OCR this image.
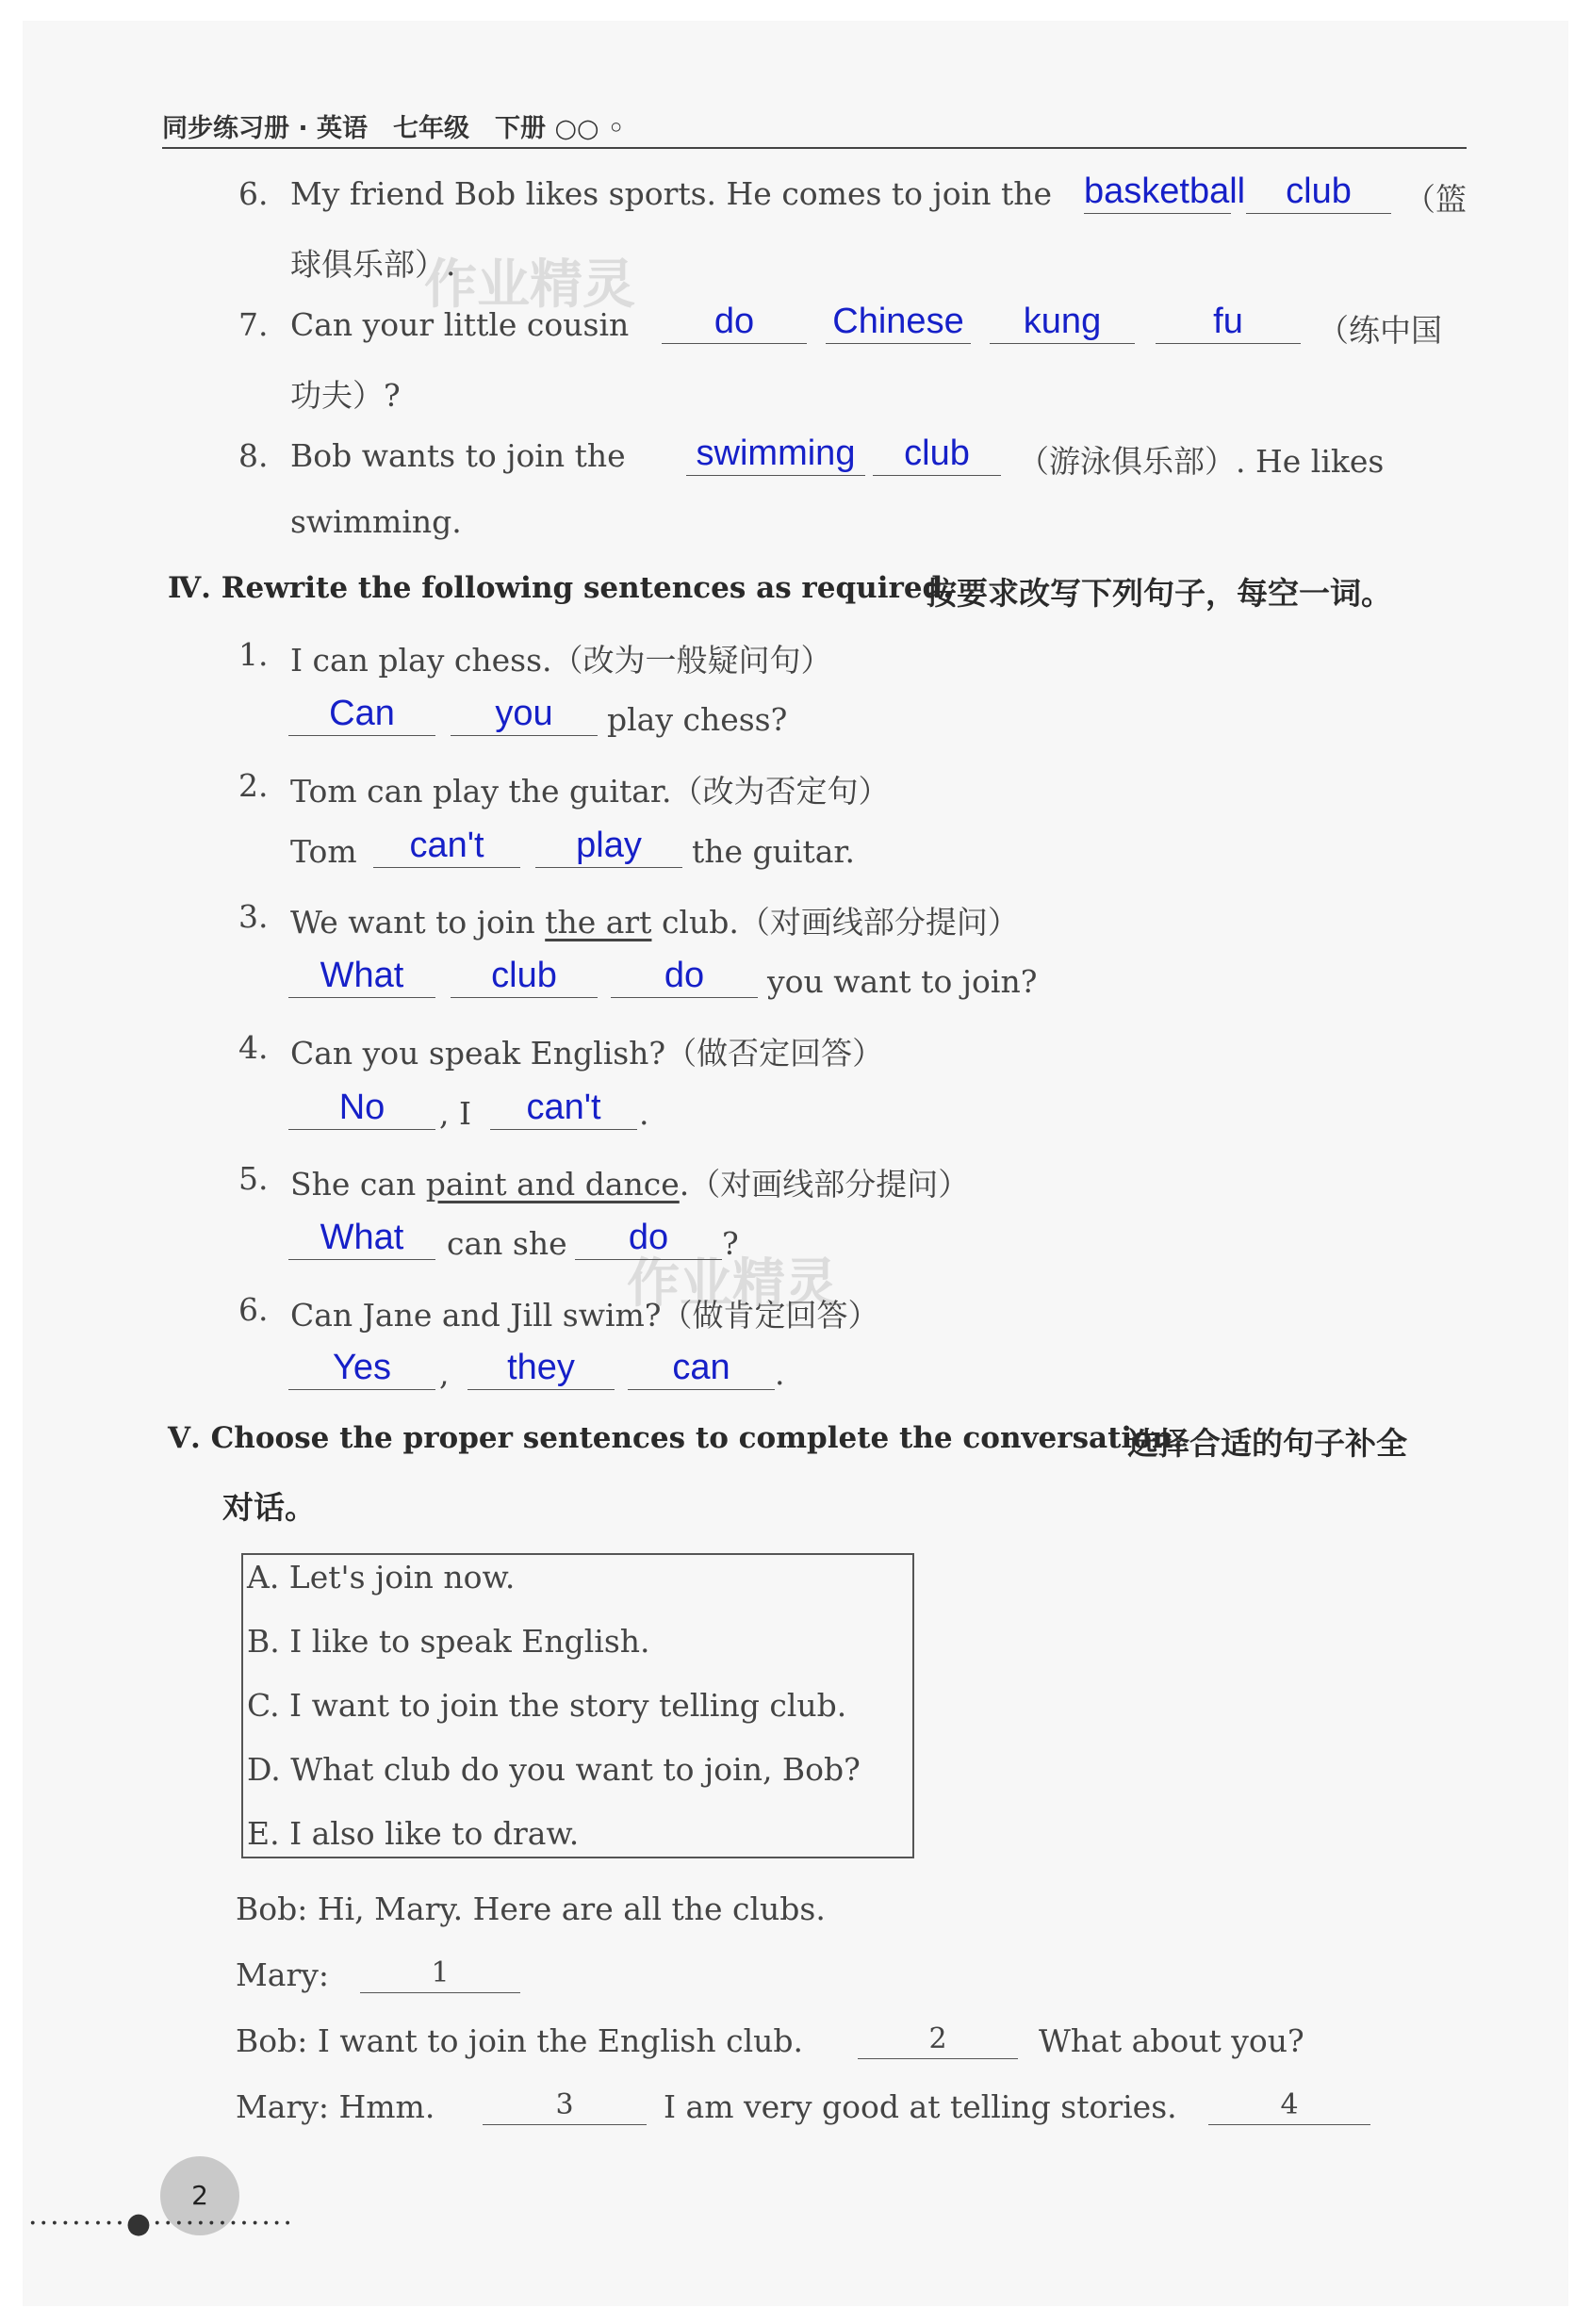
同步练习册 · 英语　七年级　下册 ○○ ◦
作业精灵
作业精灵
6. My friend Bob likes sports. He comes to join the basketball	club	（篮
球俱乐部）.
7. Can your little cousin	do	Chinese	kung	fu	（练中国
功夫）?
8. Bob wants to join the swimming	club	（游泳俱乐部）. He likes
swimming.
Ⅳ. Rewrite the following sentences as required.
按要求改写下列句子，每空一词。
1. I can play chess.（改为一般疑问句）
Can	you	play chess?
2. Tom can play the guitar.（改为否定句）
Tom	can't	play	the guitar.
3. We want to join the art club.（对画线部分提问）
What	club	do	you want to join?
4. Can you speak English?（做否定回答）
No	, I	can't	.
5. She can paint and dance.（对画线部分提问）
What	can she	do	?
6. Can Jane and Jill swim?（做肯定回答）
Yes	,	they	can	.
Ⅴ. Choose the proper sentences to complete the conversation.
选择合适的句子补全
对话。
A. Let's join now.
B. I like to speak English.
C. I want to join the story telling club.
D. What club do you want to join, Bob?
E. I also like to draw.
Bob: Hi, Mary. Here are all the clubs.
Mary:	1
Bob: I want to join the English club.	2	What about you?
Mary: Hmm.	3	I am very good at telling stories.	4
2
·········●·············
